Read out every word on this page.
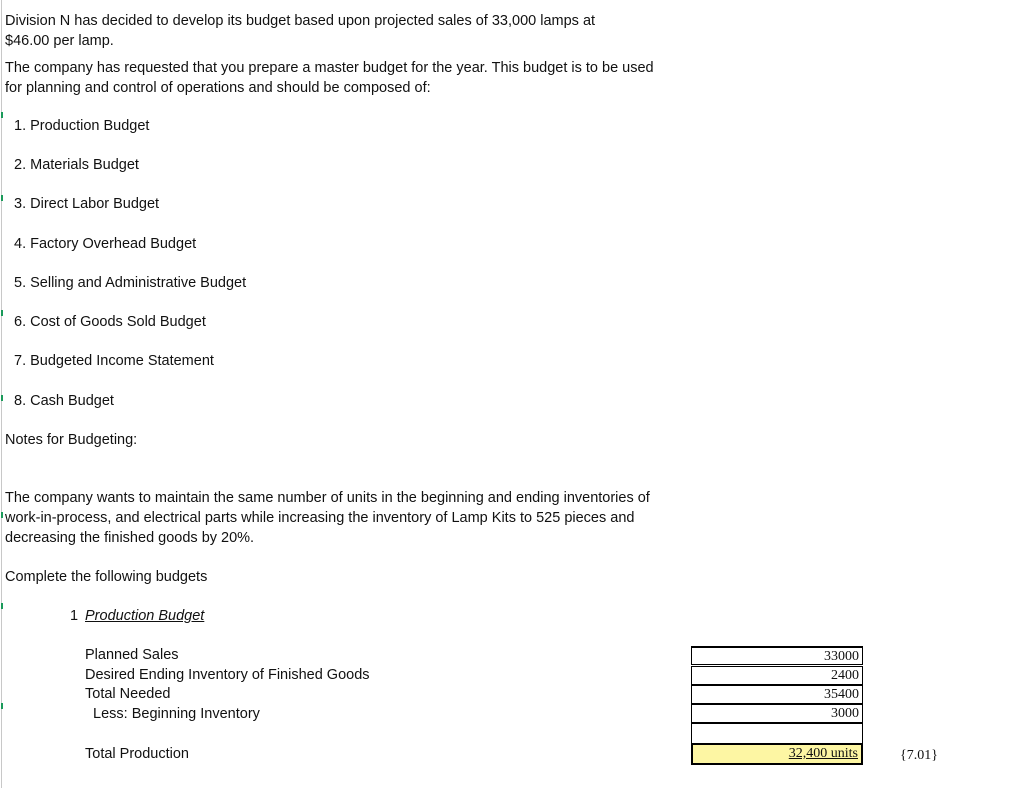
Division N has decided to develop its budget based upon projected sales of 33,000 lamps at
$46.00 per lamp.
The company has requested that you prepare a master budget for the year. This budget is to be used
for planning and control of operations and should be composed of:
1. Production Budget
2. Materials Budget
3. Direct Labor Budget
4. Factory Overhead Budget
5. Selling and Administrative Budget
6. Cost of Goods Sold Budget
7. Budgeted Income Statement
8. Cash Budget
Notes for Budgeting:
The company wants to maintain the same number of units in the beginning and ending inventories of
work-in-process, and electrical parts while increasing the inventory of Lamp Kits to 525 pieces and
decreasing the finished goods by 20%.
Complete the following budgets
1 Production Budget
Planned Sales
Desired Ending Inventory of Finished Goods
Total Needed
Less: Beginning Inventory
Total Production
33000
2400
35400
3000
32,400 units	{7.01}
